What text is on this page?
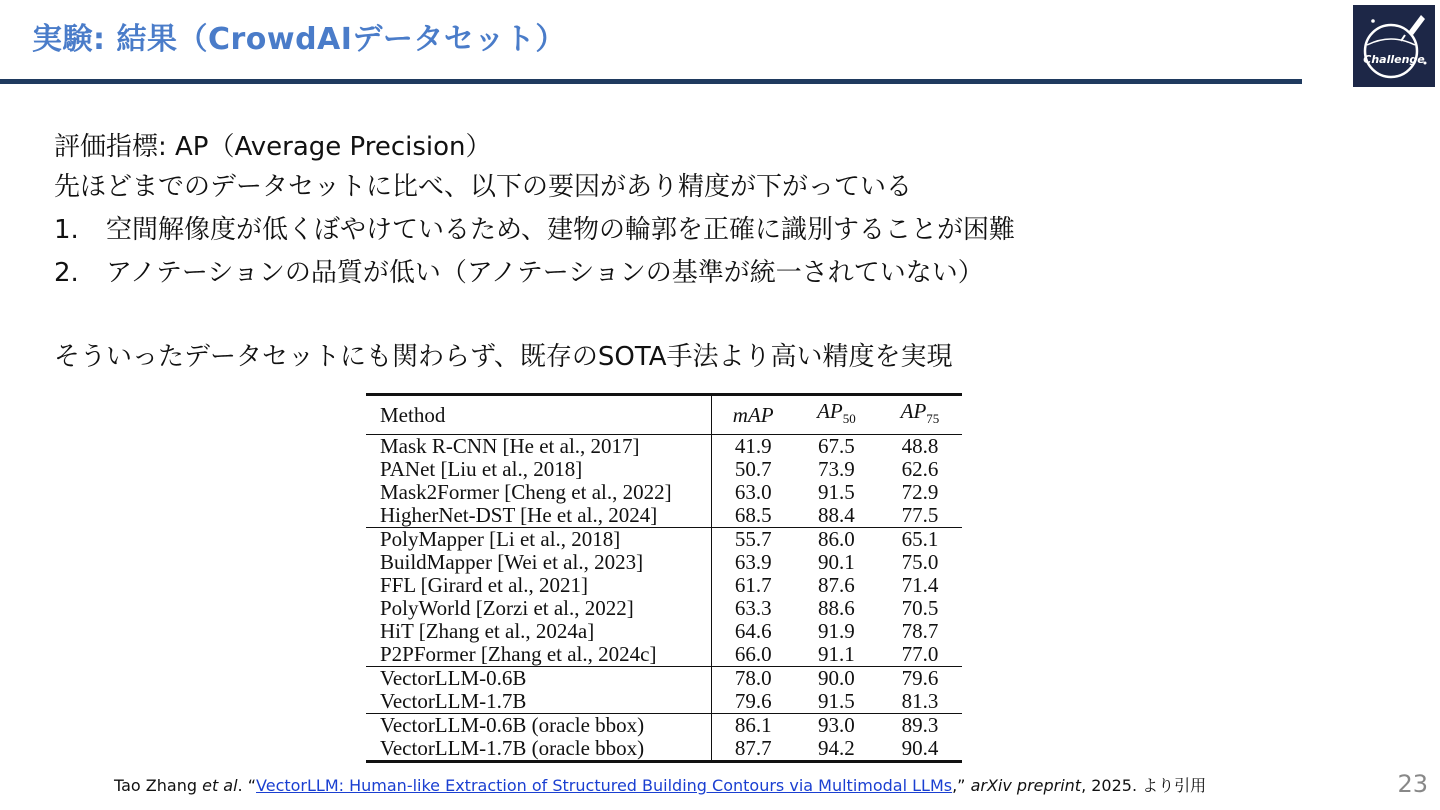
実験: 結果（CrowdAIデータセット）
Challenge
評価指標: AP（Average Precision）
先ほどまでのデータセットに比べ、以下の要因があり精度が下がっている
1. 空間解像度が低くぼやけているため、建物の輪郭を正確に識別することが困難
2. アノテーションの品質が低い（アノテーションの基準が統一されていない）
そういったデータセットにも関わらず、既存のSOTA手法より高い精度を実現
Method	mAP	$AP_{50}$	$AP_{75}$
Mask R-CNN [He et al., 2017]	41.9	67.5	48.8
PANet [Liu et al., 2018]	50.7	73.9	62.6
Mask2Former [Cheng et al., 2022]	63.0	91.5	72.9
HigherNet-DST [He et al., 2024]	68.5	88.4	77.5
PolyMapper [Li et al., 2018]	55.7	86.0	65.1
BuildMapper [Wei et al., 2023]	63.9	90.1	75.0
FFL [Girard et al., 2021]	61.7	87.6	71.4
PolyWorld [Zorzi et al., 2022]	63.3	88.6	70.5
HiT [Zhang et al., 2024a]	64.6	91.9	78.7
P2PFormer [Zhang et al., 2024c]	66.0	91.1	77.0
VectorLLM-0.6B	78.0	90.0	79.6
VectorLLM-1.7B	79.6	91.5	81.3
VectorLLM-0.6B (oracle bbox)	86.1	93.0	89.3
VectorLLM-1.7B (oracle bbox)	87.7	94.2	90.4
Tao Zhang et al. “VectorLLM: Human-like Extraction of Structured Building Contours via Multimodal LLMs,” arXiv preprint, 2025. より引用	23
